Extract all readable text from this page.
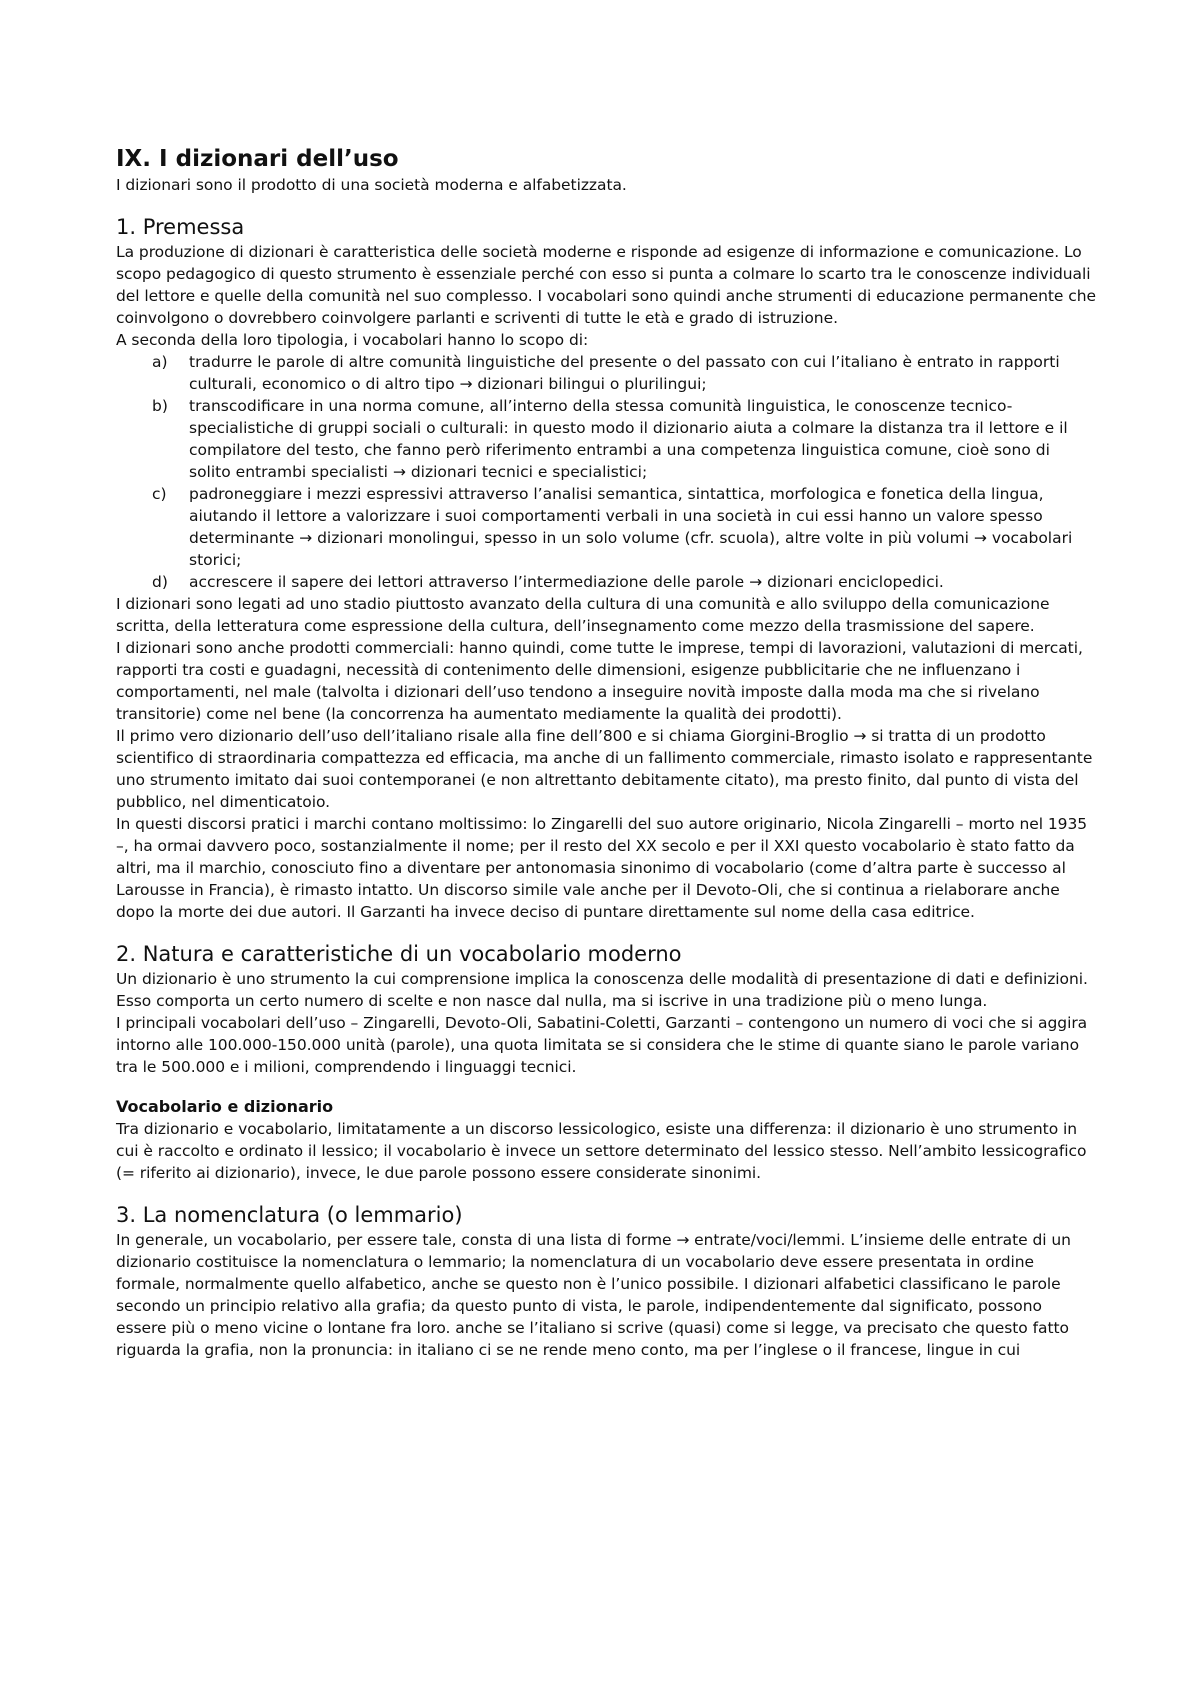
IX. I dizionari dell’uso

I dizionari sono il prodotto di una società moderna e alfabetizzata.

1. Premessa

La produzione di dizionari è caratteristica delle società moderne e risponde ad esigenze di informazione e comunicazione. Lo scopo pedagogico di questo strumento è essenziale perché con esso si punta a colmare lo scarto tra le conoscenze individuali del lettore e quelle della comunità nel suo complesso. I vocabolari sono quindi anche strumenti di educazione permanente che coinvolgono o dovrebbero coinvolgere parlanti e scriventi di tutte le età e grado di istruzione.

A seconda della loro tipologia, i vocabolari hanno lo scopo di:

a) tradurre le parole di altre comunità linguistiche del presente o del passato con cui l’italiano è entrato in rapporti culturali, economico o di altro tipo → dizionari bilingui o plurilingui;
b) transcodificare in una norma comune, all’interno della stessa comunità linguistica, le conoscenze tecnico-specialistiche di gruppi sociali o culturali: in questo modo il dizionario aiuta a colmare la distanza tra il lettore e il compilatore del testo, che fanno però riferimento entrambi a una competenza linguistica comune, cioè sono di solito entrambi specialisti → dizionari tecnici e specialistici;
c) padroneggiare i mezzi espressivi attraverso l’analisi semantica, sintattica, morfologica e fonetica della lingua, aiutando il lettore a valorizzare i suoi comportamenti verbali in una società in cui essi hanno un valore spesso determinante → dizionari monolingui, spesso in un solo volume (cfr. scuola), altre volte in più volumi → vocabolari storici;
d) accrescere il sapere dei lettori attraverso l’intermediazione delle parole → dizionari enciclopedici.

I dizionari sono legati ad uno stadio piuttosto avanzato della cultura di una comunità e allo sviluppo della comunicazione scritta, della letteratura come espressione della cultura, dell’insegnamento come mezzo della trasmissione del sapere.

I dizionari sono anche prodotti commerciali: hanno quindi, come tutte le imprese, tempi di lavorazioni, valutazioni di mercati, rapporti tra costi e guadagni, necessità di contenimento delle dimensioni, esigenze pubblicitarie che ne influenzano i comportamenti, nel male (talvolta i dizionari dell’uso tendono a inseguire novità imposte dalla moda ma che si rivelano transitorie) come nel bene (la concorrenza ha aumentato mediamente la qualità dei prodotti).

Il primo vero dizionario dell’uso dell’italiano risale alla fine dell’800 e si chiama Giorgini-Broglio → si tratta di un prodotto scientifico di straordinaria compattezza ed efficacia, ma anche di un fallimento commerciale, rimasto isolato e rappresentante uno strumento imitato dai suoi contemporanei (e non altrettanto debitamente citato), ma presto finito, dal punto di vista del pubblico, nel dimenticatoio.

In questi discorsi pratici i marchi contano moltissimo: lo Zingarelli del suo autore originario, Nicola Zingarelli – morto nel 1935 –, ha ormai davvero poco, sostanzialmente il nome; per il resto del XX secolo e per il XXI questo vocabolario è stato fatto da altri, ma il marchio, conosciuto fino a diventare per antonomasia sinonimo di vocabolario (come d’altra parte è successo al Larousse in Francia), è rimasto intatto. Un discorso simile vale anche per il Devoto-Oli, che si continua a rielaborare anche dopo la morte dei due autori. Il Garzanti ha invece deciso di puntare direttamente sul nome della casa editrice.

2. Natura e caratteristiche di un vocabolario moderno

Un dizionario è uno strumento la cui comprensione implica la conoscenza delle modalità di presentazione di dati e definizioni. Esso comporta un certo numero di scelte e non nasce dal nulla, ma si iscrive in una tradizione più o meno lunga.

I principali vocabolari dell’uso – Zingarelli, Devoto-Oli, Sabatini-Coletti, Garzanti – contengono un numero di voci che si aggira intorno alle 100.000-150.000 unità (parole), una quota limitata se si considera che le stime di quante siano le parole variano tra le 500.000 e i milioni, comprendendo i linguaggi tecnici.

Vocabolario e dizionario

Tra dizionario e vocabolario, limitatamente a un discorso lessicologico, esiste una differenza: il dizionario è uno strumento in cui è raccolto e ordinato il lessico; il vocabolario è invece un settore determinato del lessico stesso. Nell’ambito lessicografico (= riferito ai dizionario), invece, le due parole possono essere considerate sinonimi.

3. La nomenclatura (o lemmario)

In generale, un vocabolario, per essere tale, consta di una lista di forme → entrate/voci/lemmi. L’insieme delle entrate di un dizionario costituisce la nomenclatura o lemmario; la nomenclatura di un vocabolario deve essere presentata in ordine formale, normalmente quello alfabetico, anche se questo non è l’unico possibile. I dizionari alfabetici classificano le parole secondo un principio relativo alla grafia; da questo punto di vista, le parole, indipendentemente dal significato, possono essere più o meno vicine o lontane fra loro. anche se l’italiano si scrive (quasi) come si legge, va precisato che questo fatto riguarda la grafia, non la pronuncia: in italiano ci se ne rende meno conto, ma per l’inglese o il francese, lingue in cui
